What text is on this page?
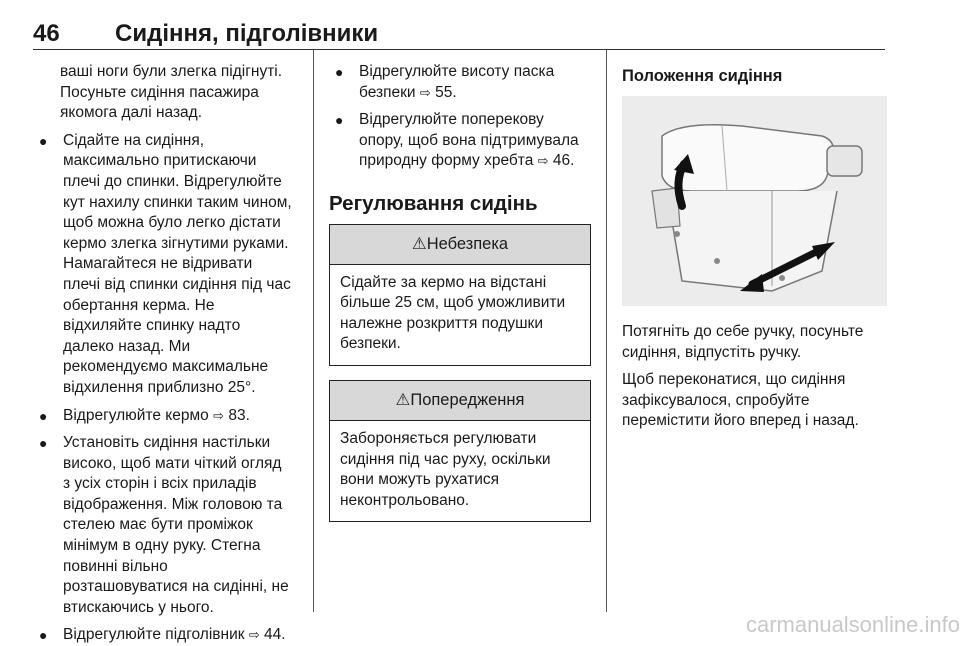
46 Сидіння, підголівники

ваші ноги були злегка підігнуті.

Посуньте сидіння пасажира

якомога далі назад.

● Сідайте на сидіння,

максимально притискаючи

плечі до спинки. Відрегулюйте

кут нахилу спинки таким чином,

щоб можна було легко дістати

кермо злегка зігнутими руками.

Намагайтеся не відривати

плечі від спинки сидіння під час

обертання керма. Не

відхиляйте спинку надто

далеко назад. Ми

рекомендуємо максимальне

відхилення приблизно 25°.

● Відрегулюйте кермо ⇨ 83.

● Установіть сидіння настільки

високо, щоб мати чіткий огляд

з усіх сторін і всіх приладів

відображення. Між головою та

стелею має бути проміжок

мінімум в одну руку. Стегна

повинні вільно

розташовуватися на сидінні, не

втискаючись у нього.

● Відрегулюйте підголівник ⇨ 44.

● Відрегулюйте висоту паска

безпеки ⇨ 55.

● Відрегулюйте поперекову

опору, щоб вона підтримувала

природну форму хребта ⇨ 46.

Регулювання сидінь

⚠Небезпека

Сідайте за кермо на відстані

більше 25 см, щоб уможливити

належне розкриття подушки

безпеки.

⚠Попередження

Забороняється регулювати

сидіння під час руху, оскільки

вони можуть рухатися

неконтрольовано.

Положення сидіння

Потягніть до себе ручку, посуньте

сидіння, відпустіть ручку.

Щоб переконатися, що сидіння

зафіксувалося, спробуйте

перемістити його вперед і назад.

carmanualsonline.info
